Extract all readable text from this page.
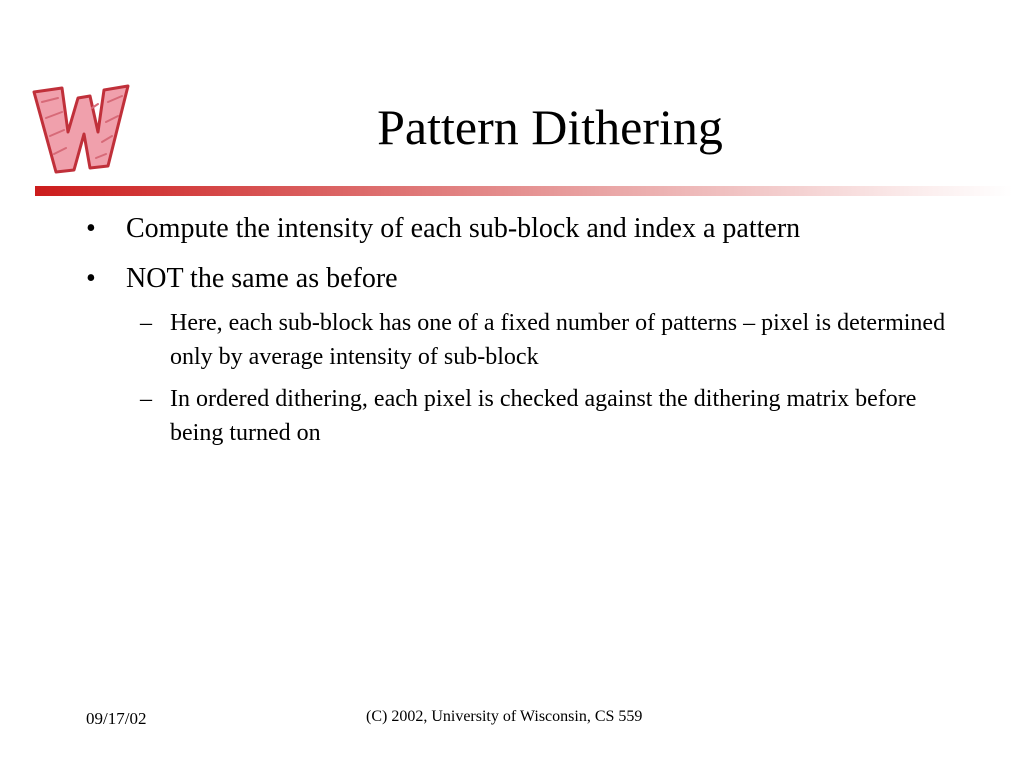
Pattern Dithering
• Compute the intensity of each sub-block and index a pattern
• NOT the same as before
– Here, each sub-block has one of a fixed number of patterns – pixel is determined only by average intensity of sub-block
– In ordered dithering, each pixel is checked against the dithering matrix before being turned on
09/17/02	(C) 2002, University of Wisconsin, CS 559
